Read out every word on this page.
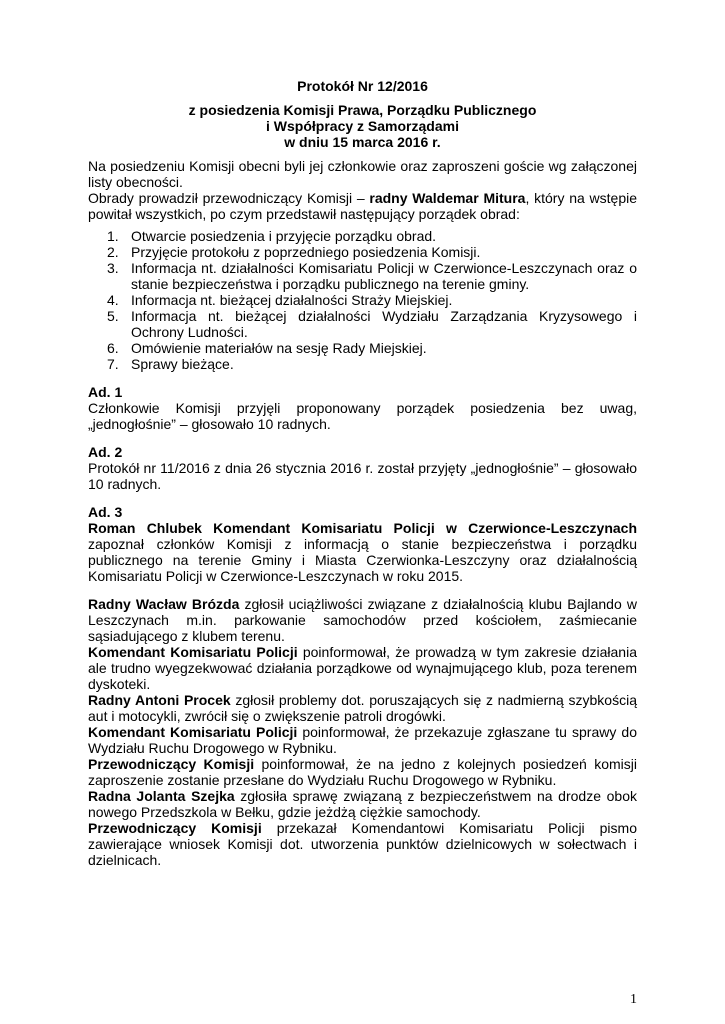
Protokół Nr 12/2016
z posiedzenia Komisji Prawa, Porządku Publicznego
i Współpracy z Samorządami
w dniu 15 marca 2016 r.

Na posiedzeniu Komisji obecni byli jej członkowie oraz zaproszeni goście wg załączonej listy obecności.

Obrady prowadził przewodniczący Komisji – radny Waldemar Mitura, który na wstępie powitał wszystkich, po czym przedstawił następujący porządek obrad:

1. Otwarcie posiedzenia i przyjęcie porządku obrad.
2. Przyjęcie protokołu z poprzedniego posiedzenia Komisji.
3. Informacja nt. działalności Komisariatu Policji w Czerwionce-Leszczynach oraz o stanie bezpieczeństwa i porządku publicznego na terenie gminy.
4. Informacja nt. bieżącej działalności Straży Miejskiej.
5. Informacja nt. bieżącej działalności Wydziału Zarządzania Kryzysowego i Ochrony Ludności.
6. Omówienie materiałów na sesję Rady Miejskiej.
7. Sprawy bieżące.

Ad. 1

Członkowie Komisji przyjęli proponowany porządek posiedzenia bez uwag, „jednogłośnie” – głosowało 10 radnych.

Ad. 2

Protokół nr 11/2016 z dnia 26 stycznia 2016 r. został przyjęty „jednogłośnie” – głosowało 10 radnych.

Ad. 3

Roman Chlubek Komendant Komisariatu Policji w Czerwionce-Leszczynach zapoznał członków Komisji z informacją o stanie bezpieczeństwa i porządku publicznego na terenie Gminy i Miasta Czerwionka-Leszczyny oraz działalnością Komisariatu Policji w Czerwionce-Leszczynach w roku 2015.

Radny Wacław Brózda zgłosił uciążliwości związane z działalnością klubu Bajlando w Leszczynach m.in. parkowanie samochodów przed kościołem, zaśmiecanie sąsiadującego z klubem terenu.

Komendant Komisariatu Policji poinformował, że prowadzą w tym zakresie działania ale trudno wyegzekwować działania porządkowe od wynajmującego klub, poza terenem dyskoteki.

Radny Antoni Procek zgłosił problemy dot. poruszających się z nadmierną szybkością aut i motocykli, zwrócił się o zwiększenie patroli drogówki.

Komendant Komisariatu Policji poinformował, że przekazuje zgłaszane tu sprawy do Wydziału Ruchu Drogowego w Rybniku.

Przewodniczący Komisji poinformował, że na jedno z kolejnych posiedzeń komisji zaproszenie zostanie przesłane do Wydziału Ruchu Drogowego w Rybniku.

Radna Jolanta Szejka zgłosiła sprawę związaną z bezpieczeństwem na drodze obok nowego Przedszkola w Bełku, gdzie jeżdżą ciężkie samochody.

Przewodniczący Komisji przekazał Komendantowi Komisariatu Policji pismo zawierające wniosek Komisji dot. utworzenia punktów dzielnicowych w sołectwach i dzielnicach.

1
